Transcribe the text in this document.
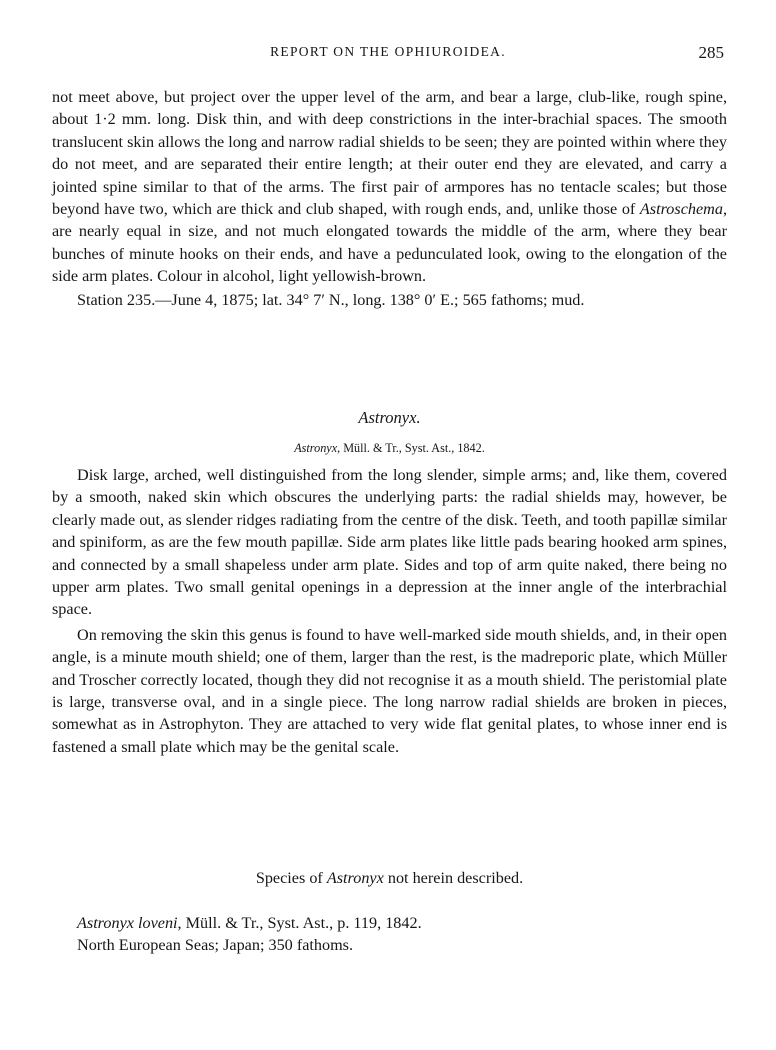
REPORT ON THE OPHIUROIDEA.	285

not meet above, but project over the upper level of the arm, and bear a large, club-like, rough spine, about 1·2 mm. long. Disk thin, and with deep constrictions in the inter-brachial spaces. The smooth translucent skin allows the long and narrow radial shields to be seen; they are pointed within where they do not meet, and are separated their entire length; at their outer end they are elevated, and carry a jointed spine similar to that of the arms. The first pair of armpores has no tentacle scales; but those beyond have two, which are thick and club shaped, with rough ends, and, unlike those of Astroschema, are nearly equal in size, and not much elongated towards the middle of the arm, where they bear bunches of minute hooks on their ends, and have a pedunculated look, owing to the elongation of the side arm plates. Colour in alcohol, light yellowish-brown.

Station 235.—June 4, 1875; lat. 34° 7′ N., long. 138° 0′ E.; 565 fathoms; mud.

Astronyx.
Astronyx, Müll. & Tr., Syst. Ast., 1842.

Disk large, arched, well distinguished from the long slender, simple arms; and, like them, covered by a smooth, naked skin which obscures the underlying parts: the radial shields may, however, be clearly made out, as slender ridges radiating from the centre of the disk. Teeth, and tooth papillæ similar and spiniform, as are the few mouth papillæ. Side arm plates like little pads bearing hooked arm spines, and connected by a small shapeless under arm plate. Sides and top of arm quite naked, there being no upper arm plates. Two small genital openings in a depression at the inner angle of the interbrachial space.

On removing the skin this genus is found to have well-marked side mouth shields, and, in their open angle, is a minute mouth shield; one of them, larger than the rest, is the madreporic plate, which Müller and Troscher correctly located, though they did not recognise it as a mouth shield. The peristomial plate is large, transverse oval, and in a single piece. The long narrow radial shields are broken in pieces, somewhat as in Astrophyton. They are attached to very wide flat genital plates, to whose inner end is fastened a small plate which may be the genital scale.

Species of Astronyx not herein described.
Astronyx loveni, Müll. & Tr., Syst. Ast., p. 119, 1842.
North European Seas; Japan; 350 fathoms.
